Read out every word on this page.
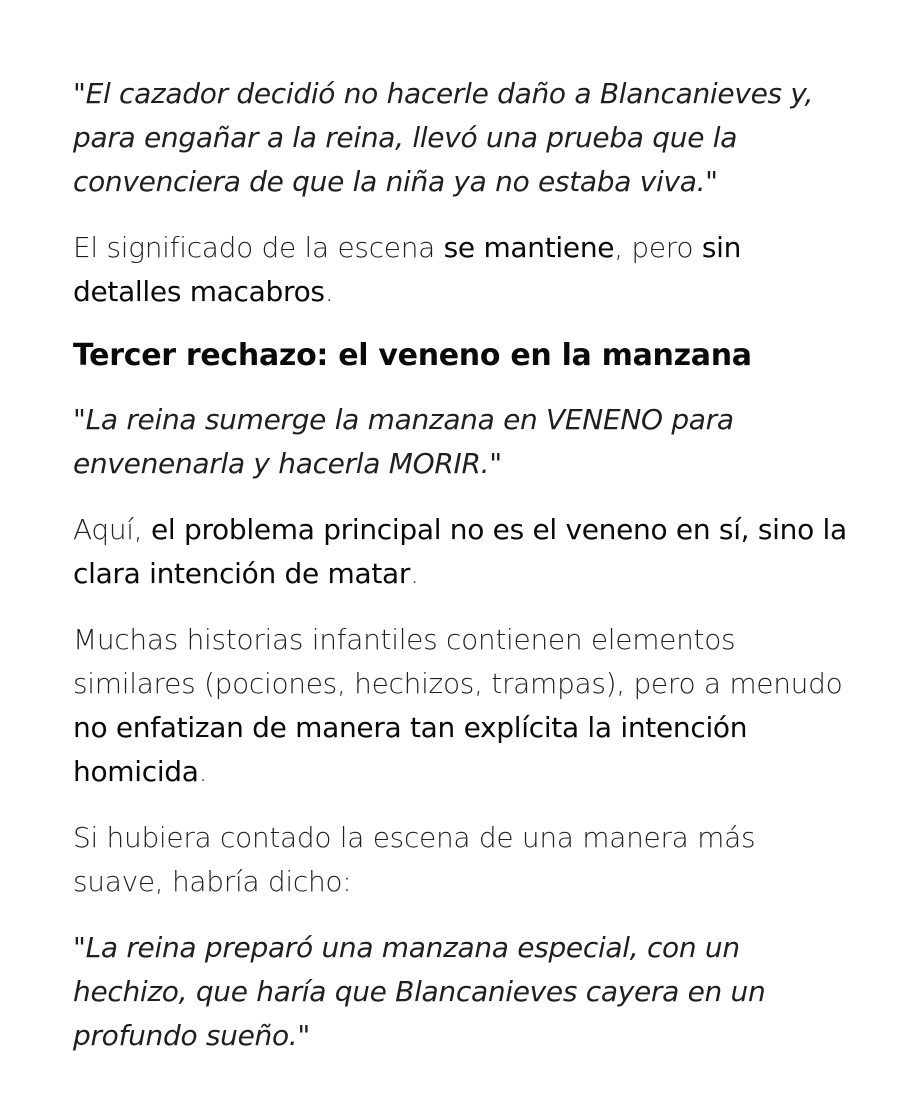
"El cazador decidió no hacerle daño a Blancanieves y, para engañar a la reina, llevó una prueba que la convenciera de que la niña ya no estaba viva."

El significado de la escena se mantiene, pero sin detalles macabros.

Tercer rechazo: el veneno en la manzana

"La reina sumerge la manzana en VENENO para envenenarla y hacerla MORIR."

Aquí, el problema principal no es el veneno en sí, sino la clara intención de matar.

Muchas historias infantiles contienen elementos similares (pociones, hechizos, trampas), pero a menudo no enfatizan de manera tan explícita la intención homicida.

Si hubiera contado la escena de una manera más suave, habría dicho:

"La reina preparó una manzana especial, con un hechizo, que haría que Blancanieves cayera en un profundo sueño."
